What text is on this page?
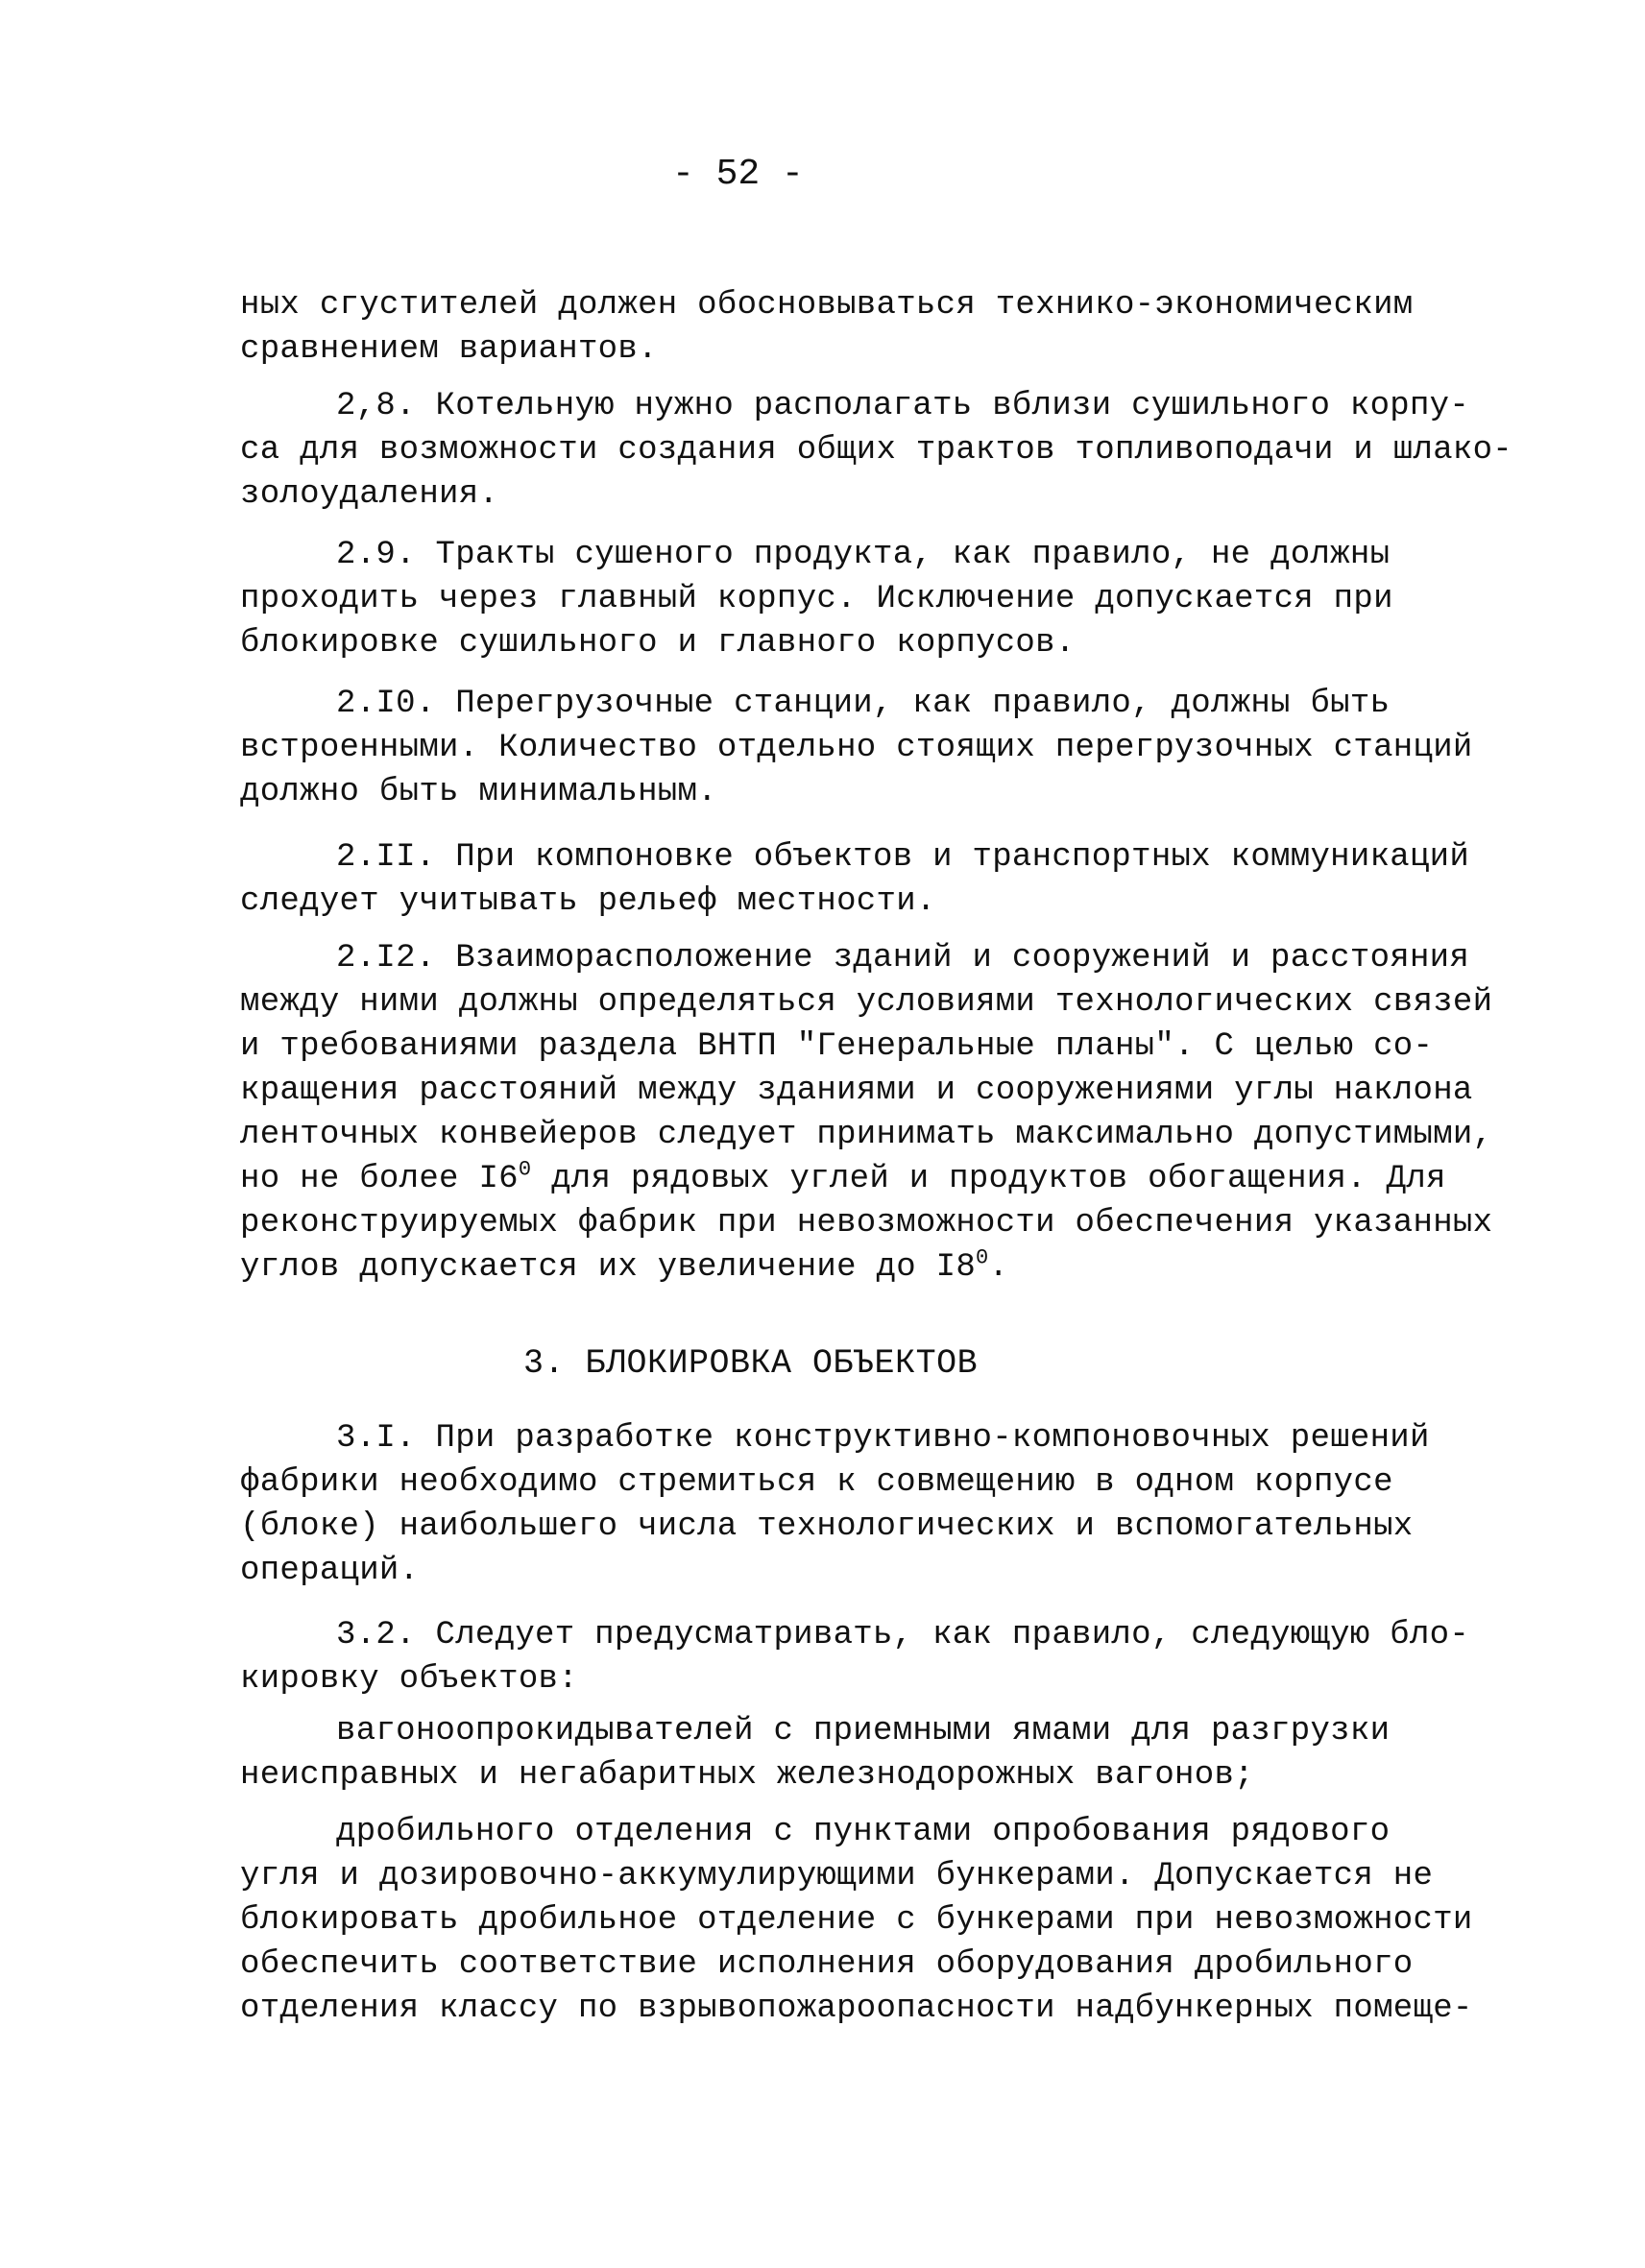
- 52 -
ных сгустителей должен обосновываться технико-экономическим
сравнением вариантов.
2,8. Котельную нужно располагать вблизи сушильного корпу-
са для возможности создания общих трактов топливоподачи и шлако-
золоудаления.
2.9. Тракты сушеного продукта, как правило, не должны
проходить через главный корпус. Исключение допускается при
блокировке сушильного и главного корпусов.
2.I0. Перегрузочные станции, как правило, должны быть
встроенными. Количество отдельно стоящих перегрузочных станций
должно быть минимальным.
2.II. При компоновке объектов и транспортных коммуникаций
следует учитывать рельеф местности.
2.I2. Взаиморасположение зданий и сооружений и расстояния
между ними должны определяться условиями технологических связей
и требованиями раздела ВНТП "Генеральные планы". С целью со-
кращения расстояний между зданиями и сооружениями углы наклона
ленточных конвейеров следует принимать максимально допустимыми,
но не более $I6^0$ для рядовых углей и продуктов обогащения. Для
реконструируемых фабрик при невозможности обеспечения указанных
углов допускается их увеличение до $I8^0$.
3. БЛОКИРОВКА ОБЪЕКТОВ
3.I. При разработке конструктивно-компоновочных решений
фабрики необходимо стремиться к совмещению в одном корпусе
(блоке) наибольшего числа технологических и вспомогательных
операций.
3.2. Следует предусматривать, как правило, следующую бло-
кировку объектов:
вагоноопрокидывателей с приемными ямами для разгрузки
неисправных и негабаритных железнодорожных вагонов;
дробильного отделения с пунктами опробования рядового
угля и дозировочно-аккумулирующими бункерами. Допускается не
блокировать дробильное отделение с бункерами при невозможности
обеспечить соответствие исполнения оборудования дробильного
отделения классу по взрывопожароопасности надбункерных помеще-
